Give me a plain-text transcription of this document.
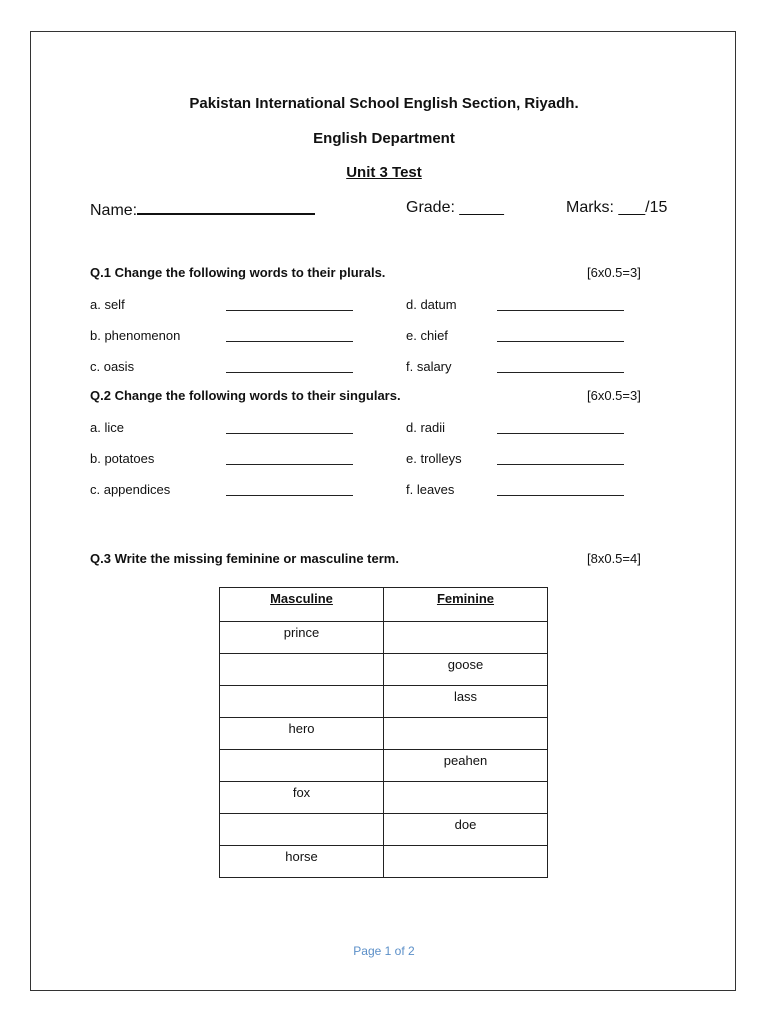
Pakistan International School English Section, Riyadh.
English Department
Unit 3 Test
Name:	Grade: _____	Marks: ___/15
Q.1 Change the following words to their plurals.	[6x0.5=3]
a. self
b. phenomenon
c. oasis
d. datum
e. chief
f. salary
Q.2 Change the following words to their singulars.	[6x0.5=3]
a. lice
b. potatoes
c. appendices
d. radii
e. trolleys
f. leaves
Q.3 Write the missing feminine or masculine term.	[8x0.5=4]
Masculine	Feminine
prince	
	goose
	lass
hero	
	peahen
fox	
	doe
horse	
Page 1 of 2
